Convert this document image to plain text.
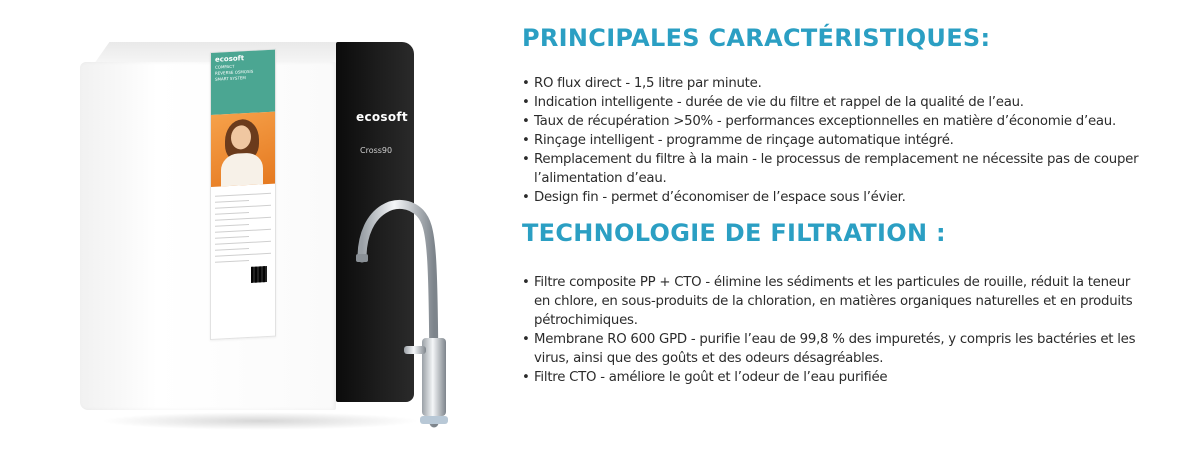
ecosoft
COMPACT
REVERSE OSMOSIS
SMART SYSTEM
ecosoft
Cross90
PRINCIPALES CARACTÉRISTIQUES:
• RO flux direct - 1,5 litre par minute.
• Indication intelligente - durée de vie du filtre et rappel de la qualité de l’eau.
• Taux de récupération >50% - performances exceptionnelles en matière d’économie d’eau.
• Rinçage intelligent - programme de rinçage automatique intégré.
• Remplacement du filtre à la main - le processus de remplacement ne nécessite pas de couper l’alimentation d’eau.
• Design fin - permet d’économiser de l’espace sous l’évier.
TECHNOLOGIE DE FILTRATION :
• Filtre composite PP + CTO - élimine les sédiments et les particules de rouille, réduit la teneur en chlore, en sous-produits de la chloration, en matières organiques naturelles et en produits pétrochimiques.
• Membrane RO 600 GPD - purifie l’eau de 99,8 % des impuretés, y compris les bactéries et les virus, ainsi que des goûts et des odeurs désagréables.
• Filtre CTO - améliore le goût et l’odeur de l’eau purifiée
